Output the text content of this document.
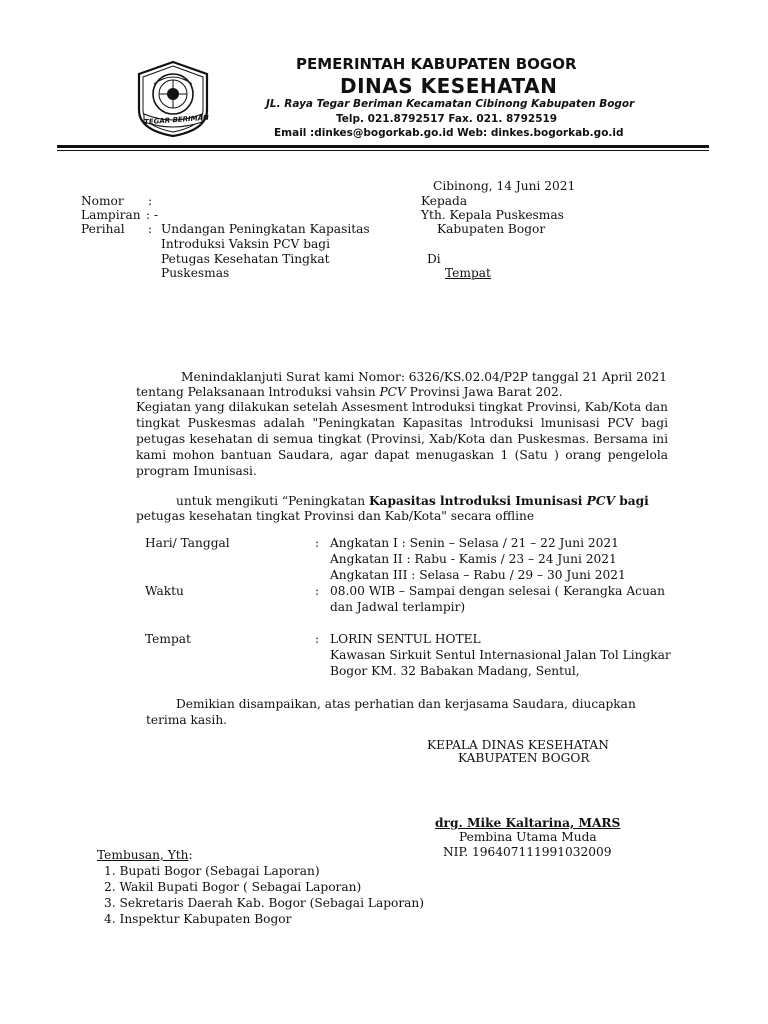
TEGAR BERIMAN
PEMERINTAH KABUPATEN BOGOR
DINAS KESEHATAN
JL. Raya Tegar Beriman Kecamatan Cibinong Kabupaten Bogor
Telp. 021.8792517 Fax. 021. 8792519
Email :dinkes@bogorkab.go.id Web: dinkes.bogorkab.go.id
Cibinong, 14 Juni 2021
Nomor :
Lampiran : -
Perihal : Undangan Peningkatan Kapasitas
Introduksi Vaksin PCV bagi
Petugas Kesehatan Tingkat
Puskesmas
Kepada
Yth. Kepala Puskesmas
Kabupaten Bogor
Di
Tempat
Menindaklanjuti Surat kami Nomor: 6326/KS.02.04/P2P tanggal 21 April 2021
tentang Pelaksanaan lntroduksi vahsin PCV Provinsi Jawa Barat 202.
Kegiatan yang dilakukan setelah Assesment lntroduksi tingkat Provinsi, Kab/Kota dan tingkat Puskesmas adalah "Peningkatan Kapasitas lntroduksi lmunisasi PCV bagi petugas kesehatan di semua tingkat (Provinsi, Xab/Kota dan Puskesmas. Bersama ini kami mohon bantuan Saudara, agar dapat menugaskan 1 (Satu ) orang pengelola program Imunisasi.
untuk mengikuti “Peningkatan Kapasitas lntroduksi Imunisasi PCV bagi
petugas kesehatan tingkat Provinsi dan Kab/Kota" secara offline
Hari/ Tanggal	: Angkatan I : Senin – Selasa / 21 – 22 Juni 2021
Angkatan II : Rabu - Kamis / 23 – 24 Juni 2021
Angkatan III : Selasa – Rabu / 29 – 30 Juni 2021
Waktu	: 08.00 WIB – Sampai dengan selesai ( Kerangka Acuan
dan Jadwal terlampir)
Tempat	: LORIN SENTUL HOTEL
Kawasan Sirkuit Sentul Internasional Jalan Tol Lingkar
Bogor KM. 32 Babakan Madang, Sentul,
Demikian disampaikan, atas perhatian dan kerjasama Saudara, diucapkan
terima kasih.
KEPALA DINAS KESEHATAN
KABUPATEN BOGOR
drg. Mike Kaltarina, MARS
Pembina Utama Muda
NIP. 196407111991032009
Tembusan, Yth:
1. Bupati Bogor (Sebagai Laporan)
2. Wakil Bupati Bogor ( Sebagai Laporan)
3. Sekretaris Daerah Kab. Bogor (Sebagai Laporan)
4. Inspektur Kabupaten Bogor
